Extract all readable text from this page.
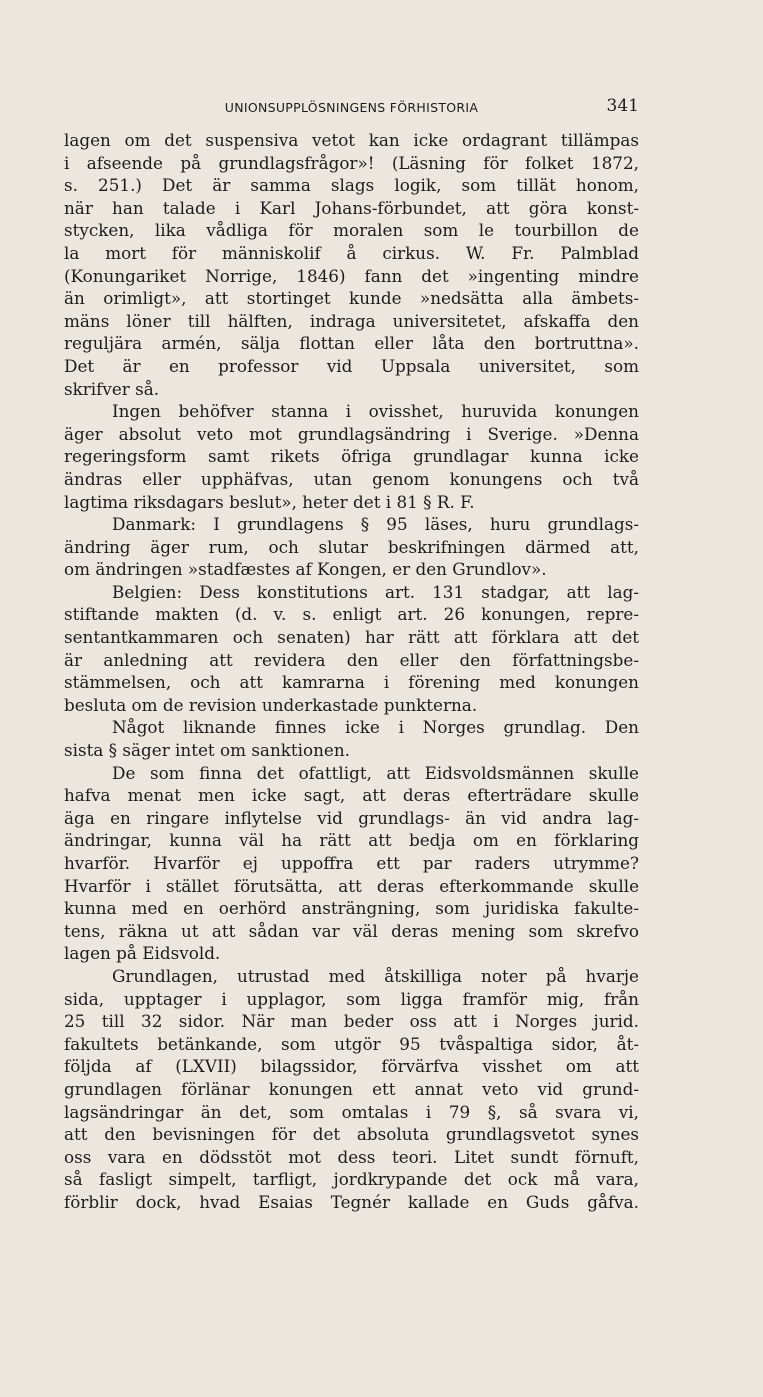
UNIONSUPPLÖSNINGENS FÖRHISTORIA	341
lagen om det suspensiva vetot kan icke ordagrant tillämpas
i afseende på grundlagsfrågor»! (Läsning för folket 1872,
s. 251.) Det är samma slags logik, som tillät honom,
när han talade i Karl Johans-förbundet, att göra konst-
stycken, lika vådliga för moralen som le tourbillon de
la mort för människolif å cirkus. W. Fr. Palmblad
(Konungariket Norrige, 1846) fann det »ingenting mindre
än orimligt», att stortinget kunde »nedsätta alla ämbets-
mäns löner till hälften, indraga universitetet, afskaffa den
reguljära armén, sälja flottan eller låta den bortruttna».
Det är en professor vid Uppsala universitet, som
skrifver så.
Ingen behöfver stanna i ovisshet, huruvida konungen
äger absolut veto mot grundlagsändring i Sverige. »Denna
regeringsform samt rikets öfriga grundlagar kunna icke
ändras eller upphäfvas, utan genom konungens och två
lagtima riksdagars beslut», heter det i 81 § R. F.
Danmark: I grundlagens § 95 läses, huru grundlags-
ändring äger rum, och slutar beskrifningen därmed att,
om ändringen »stadfæstes af Kongen, er den Grundlov».
Belgien: Dess konstitutions art. 131 stadgar, att lag-
stiftande makten (d. v. s. enligt art. 26 konungen, repre-
sentantkammaren och senaten) har rätt att förklara att det
är anledning att revidera den eller den författningsbe-
stämmelsen, och att kamrarna i förening med konungen
besluta om de revision underkastade punkterna.
Något liknande finnes icke i Norges grundlag. Den
sista § säger intet om sanktionen.
De som finna det ofattligt, att Eidsvoldsmännen skulle
hafva menat men icke sagt, att deras efterträdare skulle
äga en ringare inflytelse vid grundlags- än vid andra lag-
ändringar, kunna väl ha rätt att bedja om en förklaring
hvarför. Hvarför ej uppoffra ett par raders utrymme?
Hvarför i stället förutsätta, att deras efterkommande skulle
kunna med en oerhörd ansträngning, som juridiska fakulte-
tens, räkna ut att sådan var väl deras mening som skrefvo
lagen på Eidsvold.
Grundlagen, utrustad med åtskilliga noter på hvarje
sida, upptager i upplagor, som ligga framför mig, från
25 till 32 sidor. När man beder oss att i Norges jurid.
fakultets betänkande, som utgör 95 tvåspaltiga sidor, åt-
följda af (LXVII) bilagssidor, förvärfva visshet om att
grundlagen förlänar konungen ett annat veto vid grund-
lagsändringar än det, som omtalas i 79 §, så svara vi,
att den bevisningen för det absoluta grundlagsvetot synes
oss vara en dödsstöt mot dess teori. Litet sundt förnuft,
så fasligt simpelt, tarfligt, jordkrypande det ock må vara,
förblir dock, hvad Esaias Tegnér kallade en Guds gåfva.
